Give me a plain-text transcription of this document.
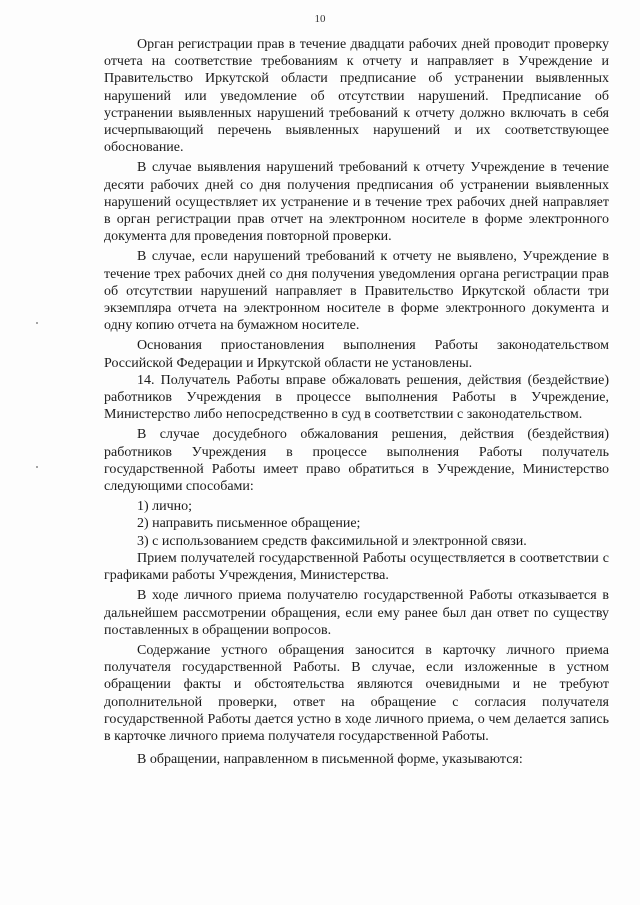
10

Орган регистрации прав в течение двадцати рабочих дней проводит проверку отчета на соответствие требованиям к отчету и направляет в Учреждение и Правительство Иркутской области предписание об устранении выявленных нарушений или уведомление об отсутствии нарушений. Предписание об устранении выявленных нарушений требований к отчету должно включать в себя исчерпывающий перечень выявленных нарушений и их соответствующее обоснование.

В случае выявления нарушений требований к отчету Учреждение в течение десяти рабочих дней со дня получения предписания об устранении выявленных нарушений осуществляет их устранение и в течение трех рабочих дней направляет в орган регистрации прав отчет на электронном носителе в форме электронного документа для проведения повторной проверки.

В случае, если нарушений требований к отчету не выявлено, Учреждение в течение трех рабочих дней со дня получения уведомления органа регистрации прав об отсутствии нарушений направляет в Правительство Иркутской области три экземпляра отчета на электронном носителе в форме электронного документа и одну копию отчета на бумажном носителе.

Основания приостановления выполнения Работы законодательством Российской Федерации и Иркутской области не установлены.

14. Получатель Работы вправе обжаловать решения, действия (бездействие) работников Учреждения в процессе выполнения Работы в Учреждение, Министерство либо непосредственно в суд в соответствии с законодательством.

В случае досудебного обжалования решения, действия (бездействия) работников Учреждения в процессе выполнения Работы получатель государственной Работы имеет право обратиться в Учреждение, Министерство следующими способами:

1) лично;

2) направить письменное обращение;

3) с использованием средств факсимильной и электронной связи.

Прием получателей государственной Работы осуществляется в соответствии с графиками работы Учреждения, Министерства.

В ходе личного приема получателю государственной Работы отказывается в дальнейшем рассмотрении обращения, если ему ранее был дан ответ по существу поставленных в обращении вопросов.

Содержание устного обращения заносится в карточку личного приема получателя государственной Работы. В случае, если изложенные в устном обращении факты и обстоятельства являются очевидными и не требуют дополнительной проверки, ответ на обращение с согласия получателя государственной Работы дается устно в ходе личного приема, о чем делается запись в карточке личного приема получателя государственной Работы.

В обращении, направленном в письменной форме, указываются:
